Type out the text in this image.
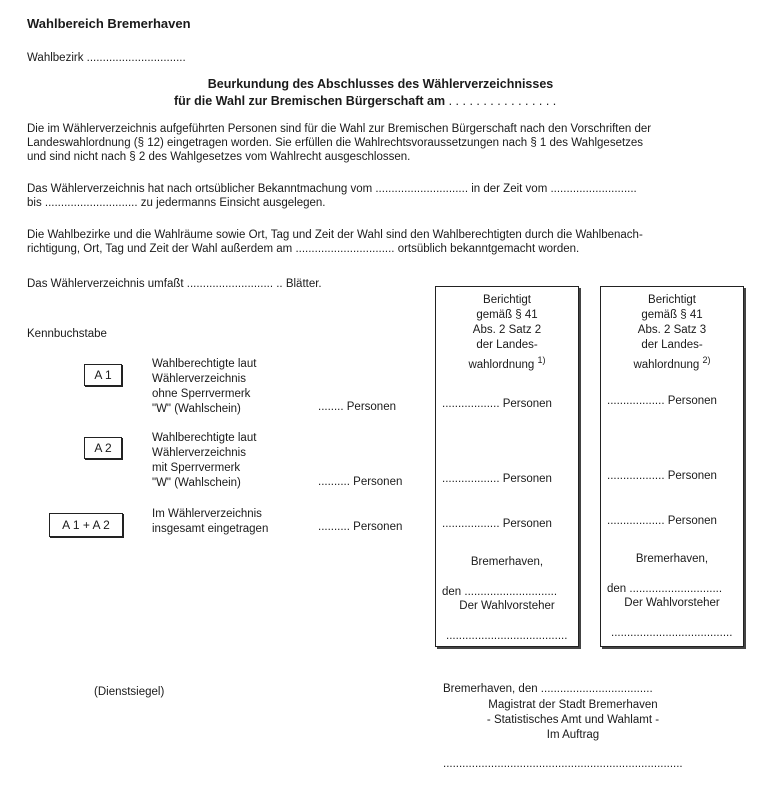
Wahlbereich Bremerhaven
Wahlbezirk ...............................
Beurkundung des Abschlusses des Wählerverzeichnisses
für die Wahl zur Bremischen Bürgerschaft am . . . . . . . . . . . . . . . .
Die im Wählerverzeichnis aufgeführten Personen sind für die Wahl zur Bremischen Bürgerschaft nach den Vorschriften der
Landeswahlordnung (§ 12) eingetragen worden. Sie erfüllen die Wahlrechtsvoraussetzungen nach § 1 des Wahlgesetzes
und sind nicht nach § 2 des Wahlgesetzes vom Wahlrecht ausgeschlossen.
Das Wählerverzeichnis hat nach ortsüblicher Bekanntmachung vom ............................. in der Zeit vom ...........................
bis ............................. zu jedermanns Einsicht ausgelegen.
Die Wahlbezirke und die Wahlräume sowie Ort, Tag und Zeit der Wahl sind den Wahlberechtigten durch die Wahlbenach-
richtigung, Ort, Tag und Zeit der Wahl außerdem am ............................... ortsüblich bekanntgemacht worden.
Das Wählerverzeichnis umfaßt ........................... .. Blätter.
Kennbuchstabe
A 1
Wahlberechtigte laut
Wählerverzeichnis
ohne Sperrvermerk
"W" (Wahlschein)	........ Personen
A 2
Wahlberechtigte laut
Wählerverzeichnis
mit Sperrvermerk
"W" (Wahlschein)	.......... Personen
A 1 + A 2
Im Wählerverzeichnis
insgesamt eingetragen	.......... Personen
Berichtigt
gemäß § 41
Abs. 2 Satz 2
der Landes-
wahlordnung $^{1)}$
.................. Personen
.................. Personen
.................. Personen
Bremerhaven,
den .............................
Der Wahlvorsteher
......................................
Berichtigt
gemäß § 41
Abs. 2 Satz 3
der Landes-
wahlordnung $^{2)}$
.................. Personen
.................. Personen
.................. Personen
Bremerhaven,
den .............................
Der Wahlvorsteher
......................................
(Dienstsiegel)	Bremerhaven, den ...................................
Magistrat der Stadt Bremerhaven
- Statistisches Amt und Wahlamt -
Im Auftrag
...........................................................................
